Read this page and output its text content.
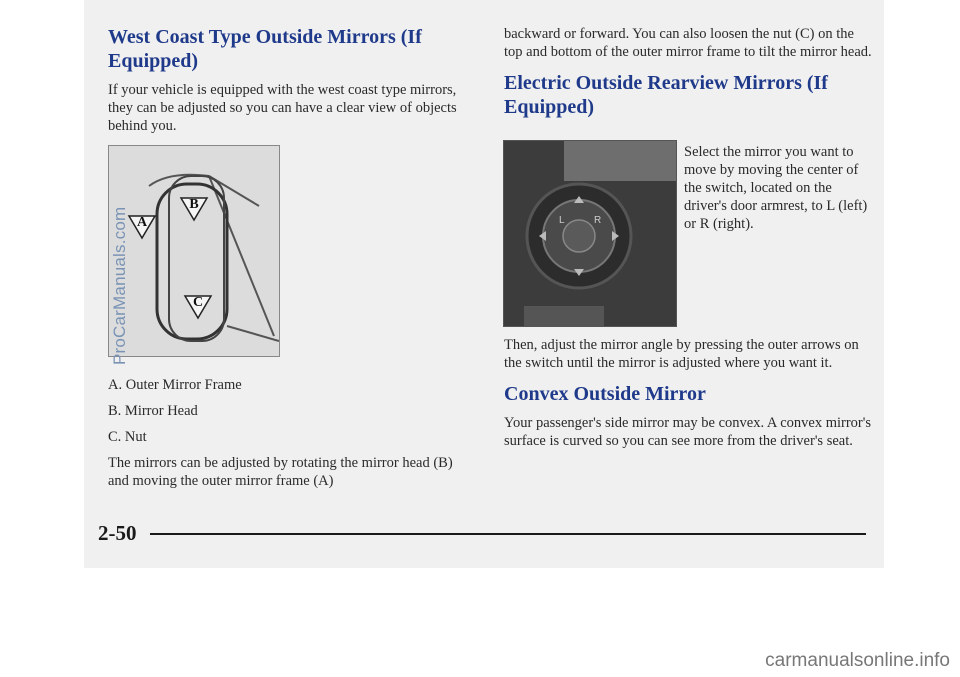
West Coast Type Outside Mirrors (If Equipped)

If your vehicle is equipped with the west coast type mirrors, they can be adjusted so you can have a clear view of objects behind you.

A
B
C
A. Outer Mirror Frame
B. Mirror Head
C. Nut

The mirrors can be adjusted by rotating the mirror head (B) and moving the outer mirror frame (A)

backward or forward. You can also loosen the nut (C) on the top and bottom of the outer mirror frame to tilt the mirror head.

Electric Outside Rearview Mirrors (If Equipped)
L	R

Select the mirror you want to move by moving the center of the switch, located on the driver's door armrest, to L (left) or R (right).

Then, adjust the mirror angle by pressing the outer arrows on the switch until the mirror is adjusted where you want it.

Convex Outside Mirror

Your passenger's side mirror may be convex. A convex mirror's surface is curved so you can see more from the driver's seat.

2-50
ProCarManuals.com
carmanualsonline.info
